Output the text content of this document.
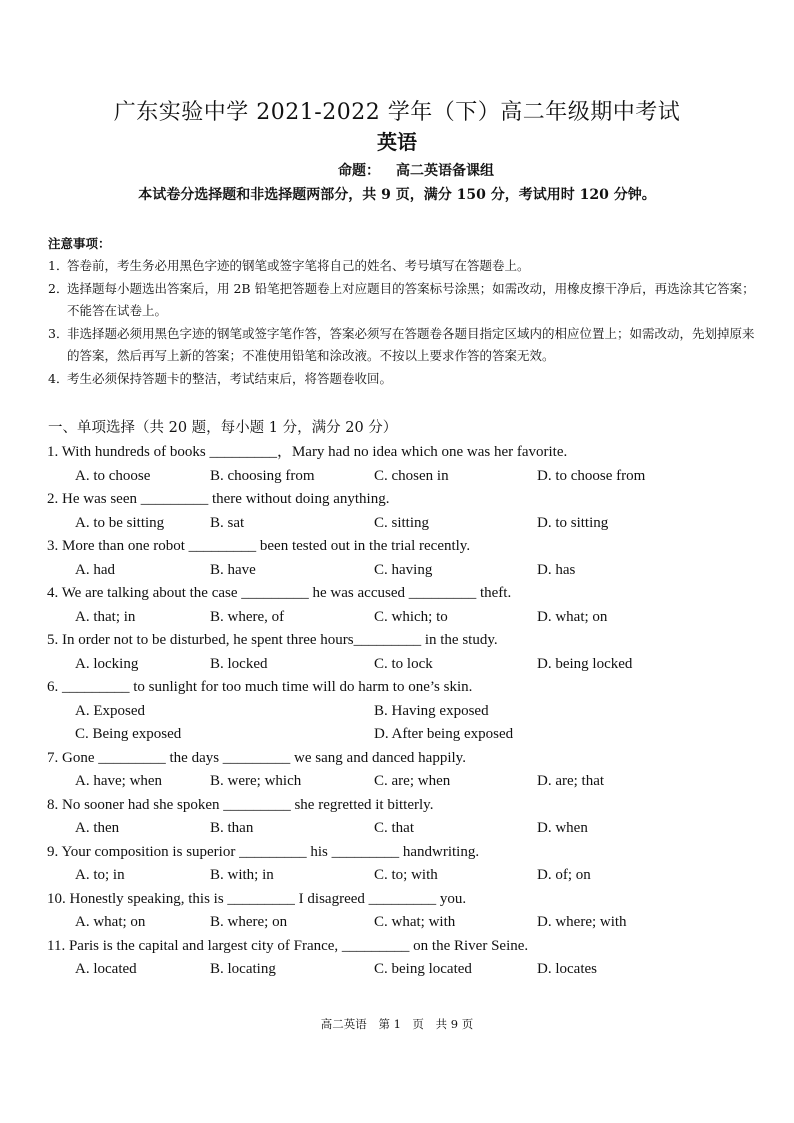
广东实验中学 2021-2022 学年（下）高二年级期中考试
英语
命题： 高二英语备课组
本试卷分选择题和非选择题两部分，共 9 页，满分 150 分，考试用时 120 分钟。
注意事项：
1．
答卷前，考生务必用黑色字迹的钢笔或签字笔将自己的姓名、考号填写在答题卷上。
2．
选择题每小题选出答案后，用 2B 铅笔把答题卷上对应题目的答案标号涂黑；如需改动，用橡皮擦干净后，再选涂其它答案；不能答在试卷上。
3．
非选择题必须用黑色字迹的钢笔或签字笔作答，答案必须写在答题卷各题目指定区域内的相应位置上；如需改动，先划掉原来的答案，然后再写上新的答案；不准使用铅笔和涂改液。不按以上要求作答的答案无效。
4．
考生必须保持答题卡的整洁，考试结束后，将答题卷收回。
一、单项选择（共 20 题，每小题 1 分，满分 20 分）
1. With hundreds of books _________，Mary had no idea which one was her favorite.
A. to choose	B. choosing from	C. chosen in	D. to choose from
2. He was seen _________ there without doing anything.
A. to be sitting	B. sat	C. sitting	D. to sitting
3. More than one robot _________ been tested out in the trial recently.
A. had	B. have	C. having	D. has
4. We are talking about the case _________ he was accused _________ theft.
A. that; in	B. where, of	C. which; to	D. what; on
5. In order not to be disturbed, he spent three hours_________ in the study.
A. locking	B. locked	C. to lock	D. being locked
6. _________ to sunlight for too much time will do harm to one’s skin.
A. Exposed	B. Having exposed
C. Being exposed	D. After being exposed
7. Gone _________ the days _________ we sang and danced happily.
A. have; when	B. were; which	C. are; when	D. are; that
8. No sooner had she spoken _________ she regretted it bitterly.
A. then	B. than	C. that	D. when
9. Your composition is superior _________ his _________ handwriting.
A. to; in	B. with; in	C. to; with	D. of; on
10. Honestly speaking, this is _________ I disagreed _________ you.
A. what; on	B. where; on	C. what; with	D. where; with
11. Paris is the capital and largest city of France, _________ on the River Seine.
A. located	B. locating	C. being located	D. locates
高二英语 第 1　页 共 9 页
